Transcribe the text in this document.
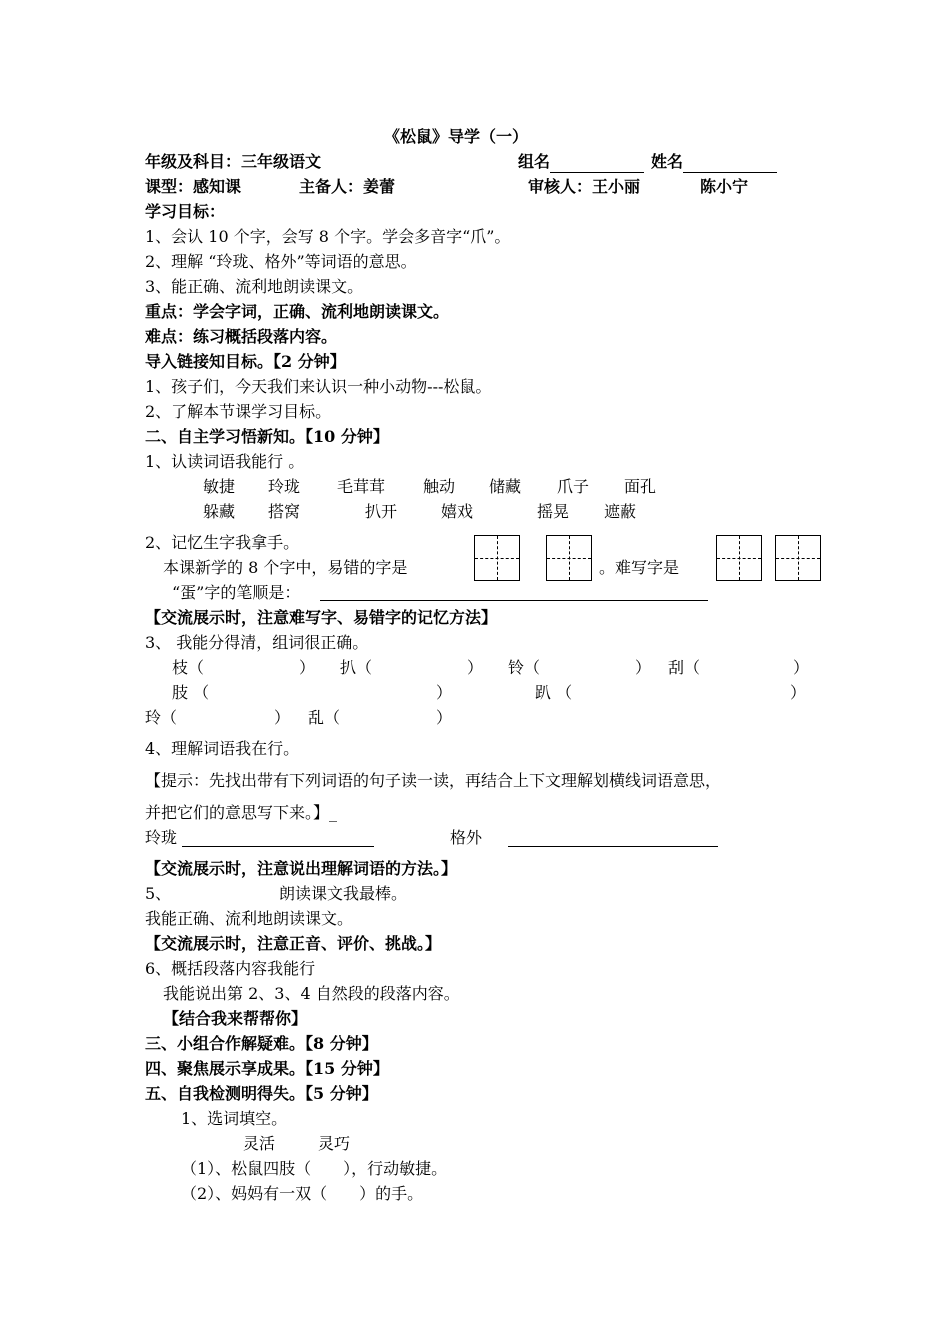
《松鼠》导学（一）
年级及科目：三年级语文	组名	姓名
课型：感知课	主备人：姜蕾	审核人：王小丽	陈小宁
学习目标：
1、会认 10 个字，会写 8 个字。学会多音字“爪”。
2、理解 “玲珑、格外”等词语的意思。
3、能正确、流利地朗读课文。
重点：学会字词，正确、流利地朗读课文。
难点：练习概括段落内容。
导入链接知目标。【2 分钟】
1、孩子们，今天我们来认识一种小动物---松鼠。
2、了解本节课学习目标。
二、自主学习悟新知。【10 分钟】
1、认读词语我能行 。
敏捷 玲珑 毛茸茸 触动 储藏 爪子 面孔
躲藏 搭窝	扒开	嬉戏	摇晃 遮蔽
2、记忆生字我拿手。
本课新学的 8 个字中，易错的字是	。难写字是
“蛋”字的笔顺是：
【交流展示时，注意难写字、易错字的记忆方法】
3、 我能分得清，组词很正确。
枝（	） 扒（	） 铃（	） 刮（	）
肢 （	）	趴 （	）
玲（	） 乱（	）
4、理解词语我在行。
【提示：先找出带有下列词语的句子读一读，再结合上下文理解划横线词语意思，
并把它们的意思写下来。】_
玲珑	格外
【交流展示时，注意说出理解词语的方法。】
5、	朗读课文我最棒。
我能正确、流利地朗读课文。
【交流展示时，注意正音、评价、挑战。】
6、概括段落内容我能行
我能说出第 2、3、4 自然段的段落内容。
【结合我来帮帮你】
三、小组合作解疑难。【8 分钟】
四、聚焦展示享成果。【15 分钟】
五、自我检测明得失。【5 分钟】
1、选词填空。
灵活	灵巧
（1）、松鼠四肢（　　），行动敏捷。
（2）、妈妈有一双（　　）的手。
